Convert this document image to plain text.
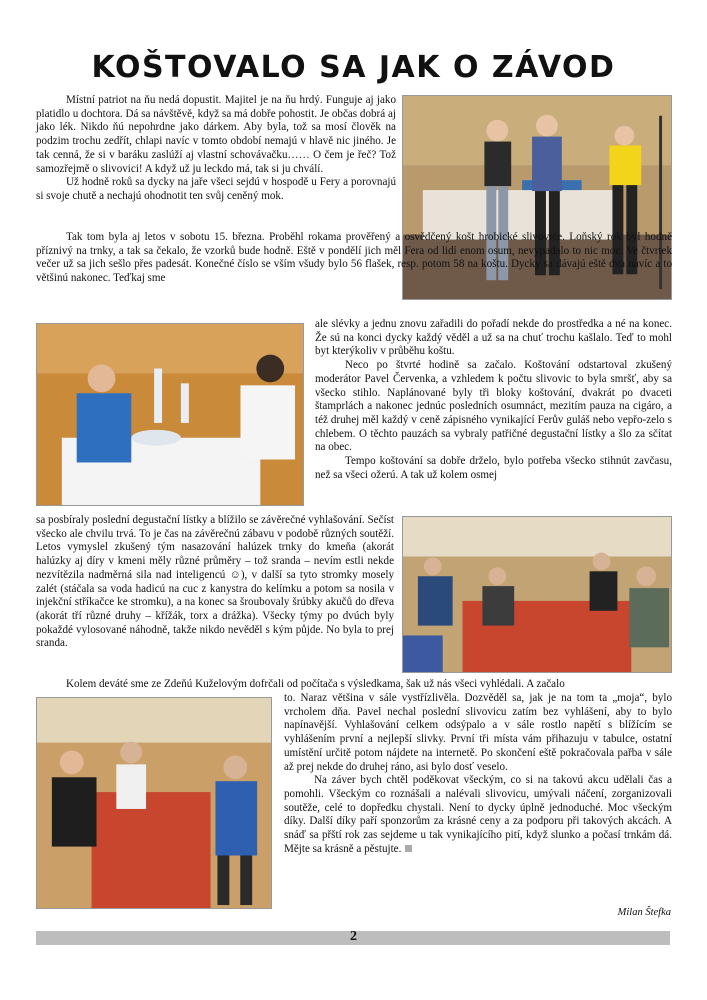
KOŠTOVALO SA JAK O ZÁVOD

Místní patriot na ňu nedá dopustit. Majitel je na ňu hrdý. Funguje aj jako platidlo u dochtora. Dá sa návštěvě, když sa má dobře pohostit. Je občas dobrá aj jako lék. Nikdo ňú nepohrdne jako dárkem. Aby byla, tož sa mosí člověk na podzim trochu zedřít, chlapi navíc v tomto období nemajú v hlavě nic jiného. Je tak cenná, že si v baráku zaslúží aj vlastní schovávačku…… O čem je řeč? Tož samozřejmě o slivovici! A když už ju leckdo má, tak si ju chválí.

Už hodně roků sa dycky na jaře všeci sejdú v hospodě u Fery a porovnajú si svoje chutě a nechajú ohodnotit ten svůj ceněný mok.

Tak tom byla aj letos v sobotu 15. března. Proběhl rokama prověřený a osvědčený košt hrobické slivovice. Loňský rok byl hodně příznivý na trnky, a tak sa čekalo, že vzorků bude hodně. Eště v pondělí jich měl Fera od lidí enom osum, nevypadalo to nic moc. Ve čtvrtek večer už sa jich sešlo přes padesát. Konečné číslo se vším všudy bylo 56 flašek, resp. potom 58 na koštu. Dycky sa dávajú eště dva navíc a to většinú nakonec. Teďkaj sme

ale slévky a jednu znovu zařadili do pořadí nekde do prostředka a né na konec. Že sú na konci dycky každý věděl a už sa na chuť trochu kašlalo. Teď to mohl byt kterýkoliv v průběhu koštu.

Neco po štvrté hodině sa začalo. Koštování odstartoval zkušený moderátor Pavel Červenka, a vzhledem k počtu slivovic to byla smršť, aby sa všecko stihlo. Naplánované byly tři bloky koštování, dvakrát po dvaceti štamprlách a nakonec jednúc posledních osumnáct, mezitím pauza na cigáro, a též druhej měl každý v ceně zápisného vynikající Ferův guláš nebo vepřo-zelo s chlebem. O těchto pauzách sa vybraly patřičné degustační lístky a šlo za sčítat na obec.

Tempo koštování sa dobře drželo, bylo potřeba všecko stihnút zavčasu, než sa všeci ožerú. A tak už kolem osmej

sa posbíraly poslední degustační lístky a blížilo se závěrečné vyhlašování. Sečíst všecko ale chvilu trvá. To je čas na závěrečnú zábavu v podobě různých soutěží. Letos vymyslel zkušený tým nasazování halúzek trnky do kmeňa (akorát halúzky aj díry v kmeni měly různé průměry – tož sranda – nevím estli nekde nezvítězila nadměrná sila nad inteligencú ☺), v další sa tyto stromky mosely zalét (stáčala sa voda hadicú na cuc z kanystra do kelímku a potom sa nosila v injekční stříkačce ke stromku), a na konec sa šroubovaly šrúbky akučů do dřeva (akorát tří různé druhy – křížák, torx a drážka). Všecky týmy po dvúch byly pokaždé vylosované náhodně, takže nikdo nevěděl s kým půjde. No byla to prej sranda.

Kolem deváté sme ze Zdeňú Kuželovým dofrčali od počítača s výsledkama, šak už nás všeci vyhlédali. A začalo

to. Naraz většina v sále vystřízlivěla. Dozvěděl sa, jak je na tom ta „moja“, bylo vrcholem dňa. Pavel nechal poslední slivovicu zatím bez vyhlášení, aby to bylo napínavější. Vyhlašování celkem odsýpalo a v sále rostlo napětí s blížícím se vyhlášením první a nejlepší slivky. První tři místa vám přihazuju v tabulce, ostatní umístění určitě potom nájdete na internetě. Po skončení eště pokračovala pařba v sále až prej nekde do druhej ráno, asi bylo dosť veselo.

Na záver bych chtěl poděkovat všeckým, co si na takovú akcu udělali čas a pomohli. Všeckým co roznášali a nalévali slivovicu, umývali náčení, zorganizovali soutěže, celé to dopředku chystali. Není to dycky úplně jednoduché. Moc všeckým díky. Další díky paří sponzorům za krásné ceny a za podporu při takových akcách. A snáď sa přští rok zas sejdeme u tak vynikajícího pití, když slunko a počasí trnkám dá. Mějte sa krásně a pěstujte.

Milan Štefka
2
